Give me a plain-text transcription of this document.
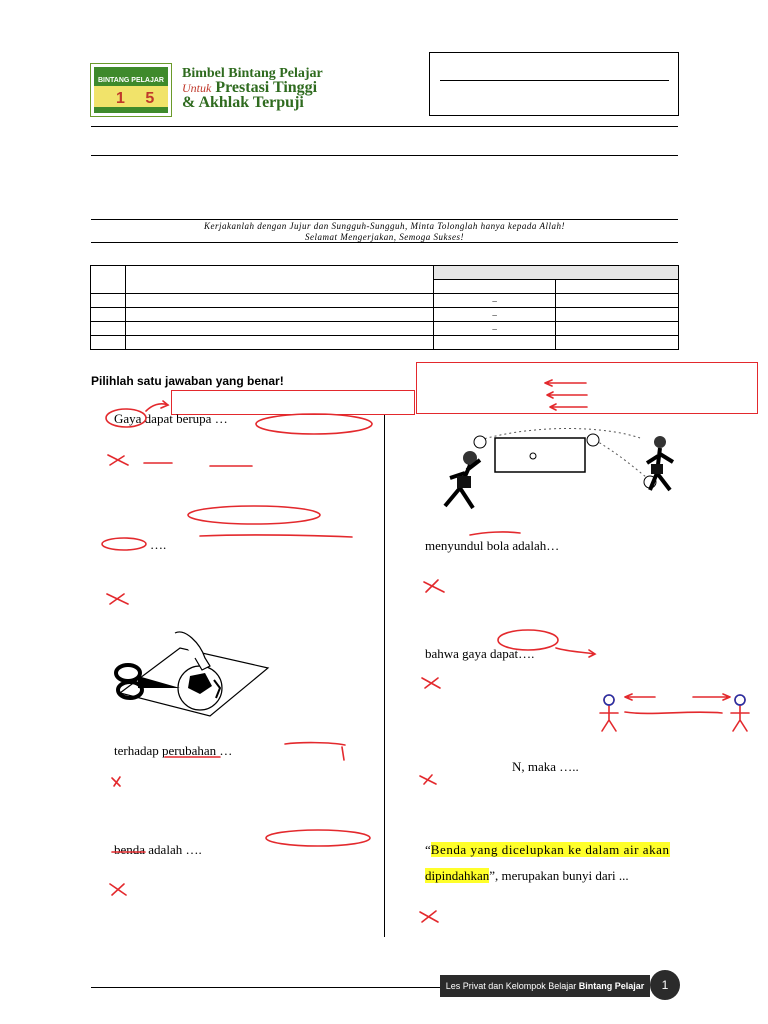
BINTANG PELAJAR
1 5
Bimbel Bintang Pelajar
Untuk Prestasi Tinggi
& Akhlak Terpuji
Kerjakanlah dengan Jujur dan Sungguh-Sungguh, Minta Tolonglah hanya kepada Allah!
Selamat Mengerjakan, Semoga Sukses!

		–	
		–	
		–	

Pilihlah satu jawaban yang benar!
Gaya dapat berupa …
….
terhadap perubahan …
benda adalah ….
menyundul bola adalah…
bahwa gaya dapat….
N, maka …..
“Benda yang dicelupkan ke dalam air akan
dipindahkan”, merupakan bunyi dari ...
Les Privat dan Kelompok Belajar Bintang Pelajar	1
